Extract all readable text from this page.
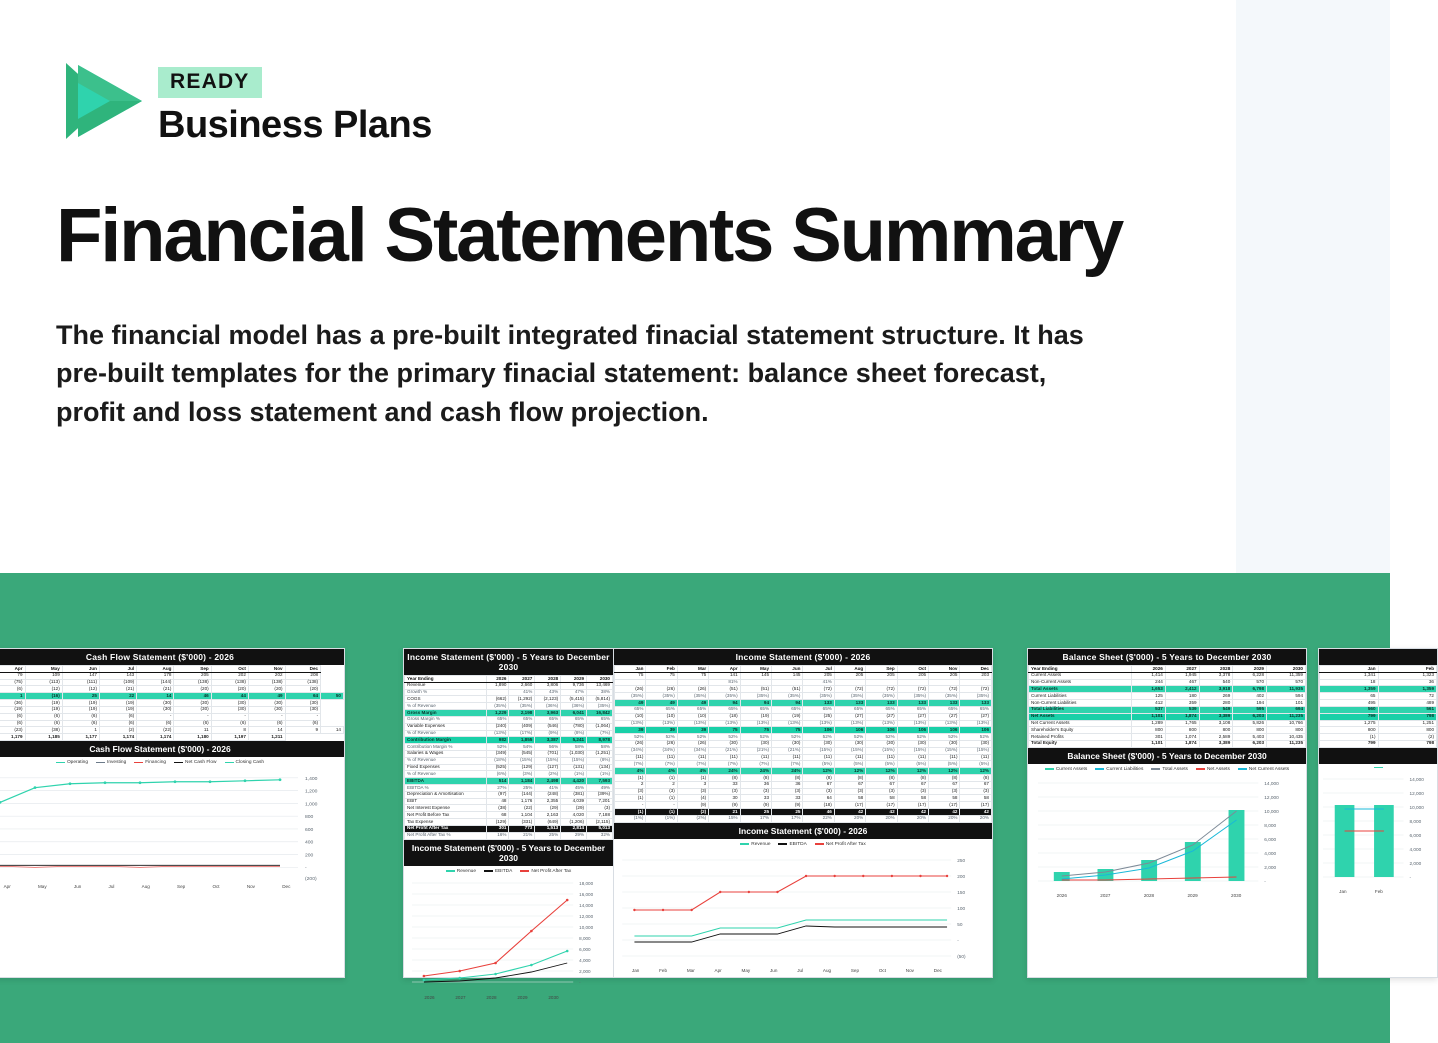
READY
Business Plans
Financial Statements Summary
The financial model has a pre-built integrated finacial statement structure. It has pre-built templates for the primary finacial statement: balance sheet forecast, profit and loss statement and cash flow projection.
Cash Flow Statement ($'000) - 2026
	Apr	May	Jun	Jul	Aug	Sep	Oct	Nov	Dec	
	79	109	147	143	178	205	202	202	208	
	(75)	(113)	(111)	(109)	(144)	(138)	(138)	(138)	(138)	
	(6)	(12)	(12)	(21)	(21)	(20)	(20)	(20)	(20)	
	1	(16)	25	22	14	46	44	49	64	50
	(36)	(19)	(19)	(19)	(30)	(30)	(30)	(30)	(30)	
	(19)	(19)	(19)	(19)	(30)	(30)	(30)	(30)	(30)	
	(6)	(6)	(6)	(6)	-	-	-	-	-	
	(6)	(6)	(6)	(6)	(6)	(6)	(6)	(6)	(6)	
	(23)	(38)	1	(2)	(22)	11	8	14	9	14
	1,179	1,185	1,177	1,174	1,174	1,180	1,197	1,211		
Cash Flow Statement ($'000) - 2026
Operating	Investing	Financing	Net Cash Flow	Closing Cash
1,400
1,200
1,000
800
600
400
200
-
(200)
Apr	May	Jun	Jul	Aug	Sep	Oct	Nov	Dec
Income Statement ($'000) - 5 Years to December 2030
Year Ending	2026	2027	2028	2029	2030
Revenue	1,890	2,660	3,806	9,736	13,469
Growth %		41%	43%	47%	38%
COGS	(662)	(1,292)	(2,123)	(5,415)	(5,814)
% of Revenue	(35%)	(35%)	(36%)	(36%)	(35%)
Gross Margin	1,229	2,198	3,963	6,041	16,842
Gross Margin %	65%	65%	65%	65%	65%
Variable Expenses	(240)	(409)	(546)	(780)	(1,064)
% of Revenue	(13%)	(17%)	(9%)	(8%)	(7%)
Contribution Margin	982	1,855	3,387	5,241	8,978
Contribution Margin %	52%	54%	56%	58%	58%
Salaries & Wages	(349)	(545)	(701)	(1,030)	(1,251)
% of Revenue	(18%)	(15%)	(15%)	(15%)	(8%)
Fixed Expenses	(525)	(129)	(127)	(131)	(134)
% of Revenue	(6%)	(3%)	(2%)	(1%)	(1%)
EBITDA	514	1,184	2,498	4,420	7,593
EBITDA %	27%	25%	41%	45%	49%
Depreciation & Amortisation	(97)	(144)	(248)	(381)	(39%)
EBIT	48	1,176	2,355	4,039	7,201
Net Interest Expense	(38)	(22)	(29)	(29)	(3)
Net Profit Before Tax	68	1,104	2,163	4,020	7,188
Tax Expense	(129)	(331)	(649)	(1,206)	(2,115)
Net Profit After Tax	301	773	1,513	2,814	5,013
Net Profit After Tax %	16%	21%	25%	29%	32%
Income Statement ($'000) - 5 Years to December 2030
Revenue	EBITDA	Net Profit After Tax
18,000
16,000
14,000
12,000
10,000
8,000
6,000
4,000
2,000
-
2026	2027	2028	2029	2030
Income Statement ($'000) - 2026
Jan	Feb	Mar	Apr	May	Jun	Jul	Aug	Sep	Oct	Nov	Dec
75	75	75	141	145	145	205	205	205	205	205	203
			81%			41%					
(26)	(26)	(26)	(51)	(51)	(51)	(72)	(72)	(72)	(72)	(72)	(72)
(35%)	(35%)	(35%)	(35%)	(35%)	(35%)	(35%)	(35%)	(35%)	(35%)	(35%)	(35%)
49	49	49	94	94	94	133	133	133	133	133	133
65%	65%	65%	65%	65%	65%	65%	65%	65%	65%	65%	65%
(10)	(10)	(10)	(18)	(19)	(19)	(25)	(27)	(27)	(27)	(27)	(27)
(13%)	(13%)	(13%)	(13%)	(13%)	(13%)	(13%)	(13%)	(13%)	(13%)	(13%)	(13%)
39	39	39	75	75	75	106	106	106	106	106	106
52%	52%	52%	52%	52%	52%	52%	52%	52%	52%	52%	52%
(26)	(26)	(26)	(30)	(30)	(30)	(30)	(30)	(30)	(30)	(30)	(30)
(34%)	(34%)	(34%)	(21%)	(21%)	(21%)	(15%)	(15%)	(15%)	(15%)	(15%)	(15%)
(11)	(11)	(11)	(11)	(11)	(11)	(11)	(11)	(11)	(11)	(11)	(11)
(7%)	(7%)	(7%)	(7%)	(7%)	(7%)	(5%)	(5%)	(5%)	(5%)	(5%)	(5%)
4%	4%	4%	24%	24%	24%	12%	12%	12%	12%	12%	12%
(1)	(1)	(1)	(8)	(8)	(8)	(8)	(8)	(8)	(8)	(8)	(8)
2	2	3	33	36	36	67	67	67	67	67	67
(3)	(3)	(3)	(3)	(3)	(3)	(3)	(3)	(3)	(3)	(3)	(3)
(1)	(1)	(4)	30	33	33	64	58	58	58	58	58
-	-	(9)	(9)	(9)	(9)	(18)	(17)	(17)	(17)	(17)	(17)
(1)	(1)	(2)	21	25	25	46	42	42	42	42	42
(1%)	(1%)	(2%)	15%	17%	17%	22%	20%	20%	20%	20%	20%
Income Statement ($'000) - 2026
Revenue	EBITDA	Net Profit After Tax
250
200
150
100
50
-
(50)
Jan	Feb	Mar	Apr	May	Jun	Jul	Aug	Sep	Oct	Nov	Dec
Balance Sheet ($'000) - 5 Years to December 2030
Year Ending	2026	2027	2028	2029	2030
Current Assets	1,414	1,945	3,378	6,228	11,359
Non-Current Assets	244	467	540	570	570
Total Assets	1,653	2,412	3,918	6,798	11,935
Current Liabilities	125	180	269	402	594
Non-Current Liabilities	412	359	280	194	101
Total Liabilities	537	539	549	595	694
Net Assets	1,101	1,874	3,389	6,203	11,235
Net Current Assets	1,289	1,765	3,108	5,826	10,766
Shareholder's Equity	800	800	800	800	800
Retained Profits	301	1,074	2,589	5,403	10,435
Total Equity	1,101	1,874	3,389	6,203	11,235
Balance Sheet ($'000) - 5 Years to December 2030
Current Assets	Current Liabilities	Total Assets	Net Assets	Net Current Assets
14,000
12,000
10,000
8,000
6,000
4,000
2,000
-
2026	2027	2028	2029	2030

Jan	Feb
1,341	1,323
18	36
1,359	1,359
65	72
495	489
560	561
799	798
1,275	1,251
800	800
(1)	(2)
799	798

14,000
12,000
10,000
8,000
6,000
4,000
2,000
-
Jan	Feb
